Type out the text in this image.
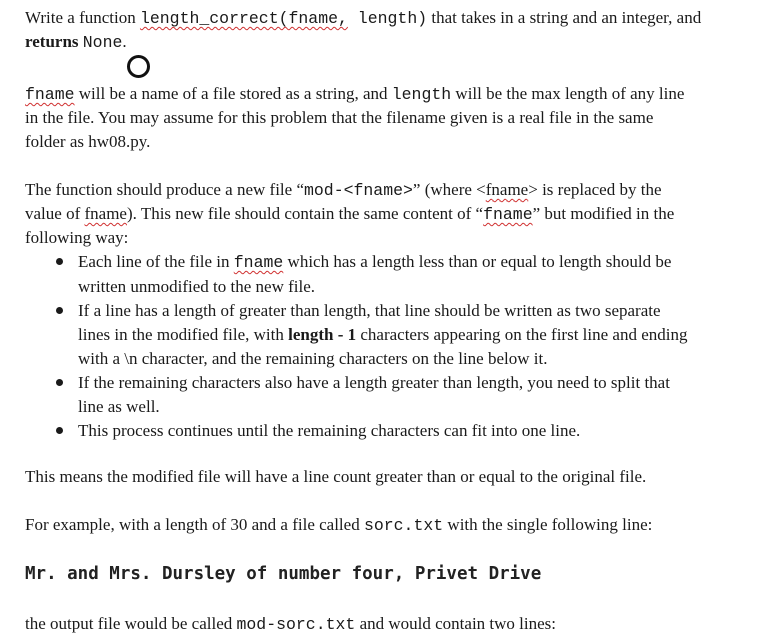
Write a function length_correct(fname, length) that takes in a string and an integer, and
returns None.
fname will be a name of a file stored as a string, and length will be the max length of any line
in the file. You may assume for this problem that the filename given is a real file in the same
folder as hw08.py.
The function should produce a new file “mod-<fname>” (where <fname> is replaced by the
value of fname). This new file should contain the same content of “fname” but modified in the
following way:
Each line of the file in fname which has a length less than or equal to length should be
written unmodified to the new file.
If a line has a length of greater than length, that line should be written as two separate
lines in the modified file, with length - 1 characters appearing on the first line and ending
with a \n character, and the remaining characters on the line below it.
If the remaining characters also have a length greater than length, you need to split that
line as well.
This process continues until the remaining characters can fit into one line.
This means the modified file will have a line count greater than or equal to the original file.
For example, with a length of 30 and a file called sorc.txt with the single following line:
Mr. and Mrs. Dursley of number four, Privet Drive
the output file would be called mod-sorc.txt and would contain two lines:
